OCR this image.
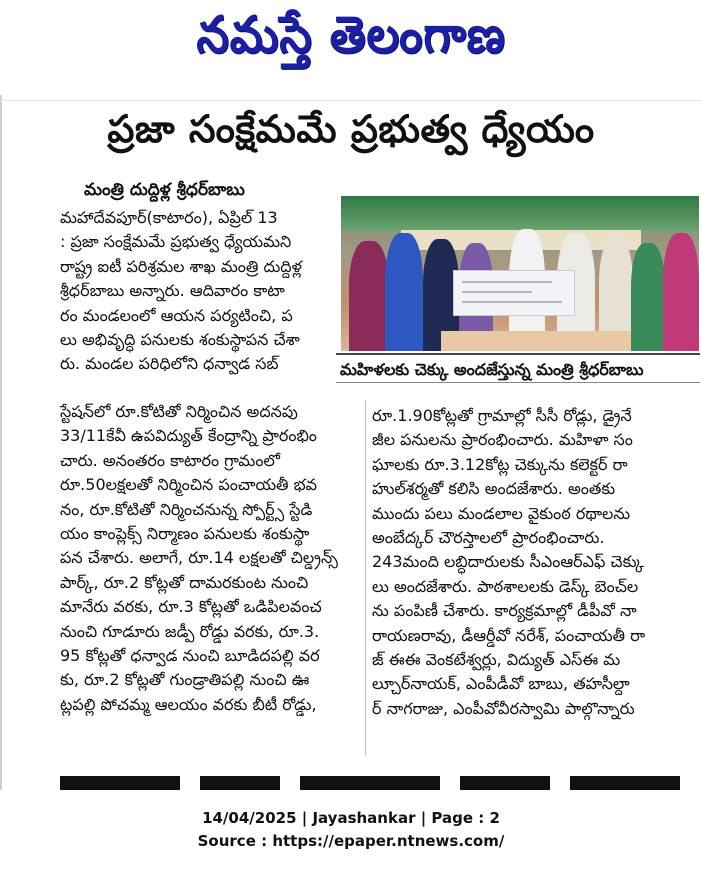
నమస్తే తెలంగాణ
ప్రజా సంక్షేమమే ప్రభుత్వ ధ్యేయం
మంత్రి దుద్దిళ్ల శ్రీధర్‌బాబు
మహాదేవపూర్(కాటారం), ఏప్రిల్ 13
: ప్రజా సంక్షేమమే ప్రభుత్వ ధ్యేయమని
రాష్ట్ర ఐటీ పరిశ్రమల శాఖ మంత్రి దుద్దిళ్ల
శ్రీధర్‌బాబు అన్నారు. ఆదివారం కాటా
రం మండలంలో ఆయన పర్యటించి, ప
లు అభివృద్ధి పనులకు శంకుస్థాపన చేశా
రు. మండల పరిధిలోని ధన్వాడ సబ్	మహిళలకు చెక్కు అందజేస్తున్న మంత్రి శ్రీధర్‌బాబు
స్టేషన్‌లో రూ.కోటితో నిర్మించిన అదనపు
33/11కేవీ ఉపవిద్యుత్ కేంద్రాన్ని ప్రారంభిం
చారు. అనంతరం కాటారం గ్రామంలో
రూ.50లక్షలతో నిర్మించిన పంచాయతీ భవ
నం, రూ.కోటితో నిర్మించనున్న స్పోర్ట్స్ స్టేడి
యం కాంప్లెక్స్ నిర్మాణం పనులకు శంకుస్థా
పన చేశారు. అలాగే, రూ.14 లక్షలతో చిల్డ్రన్స్
పార్క్, రూ.2 కోట్లతో దామరకుంట నుంచి
మానేరు వరకు, రూ.3 కోట్లతో ఒడిపిలవంచ
నుంచి గూడూరు జడ్పీ రోడ్డు వరకు, రూ.3.
95 కోట్లతో ధన్వాడ నుంచి బూడిదపల్లి వర
కు, రూ.2 కోట్లతో గుండ్రాతిపల్లి నుంచి ఊ
ట్లపల్లి పోచమ్మ ఆలయం వరకు బీటీ రోడ్డు,
రూ.1.90కోట్లతో గ్రామాల్లో సీసీ రోడ్లు, డ్రైనే
జీల పనులను ప్రారంభించారు. మహిళా సం
ఘాలకు రూ.3.12కోట్ల చెక్కును కలెక్టర్ రా
హుల్‌శర్మతో కలిసి అందజేశారు. అంతకు
ముందు పలు మండలాల వైకుంఠ రథాలను
అంబేద్కర్ చౌరస్తాలలో ప్రారంభించారు.
243మంది లబ్ధిదారులకు సీఎంఆర్‌ఎఫ్ చెక్కు
లు అందజేశారు. పాఠశాలలకు డెస్క్ బెంచ్‌ల
ను పంపిణీ చేశారు. కార్యక్రమాల్లో డీపీవో నా
రాయణరావు, డీఆర్డీవో నరేశ్, పంచాయతీ రా
జ్ ఈఈ వెంకటేశ్వర్లు, విద్యుత్ ఎస్ఈ మ
ల్చూర్‌నాయక్, ఎంపీడీవో బాబు, తహసీల్దా
ర్ నాగరాజు, ఎంపీవోవీరస్వామి పాల్గొన్నారు
14/04/2025 | Jayashankar | Page : 2
Source : https://epaper.ntnews.com/
